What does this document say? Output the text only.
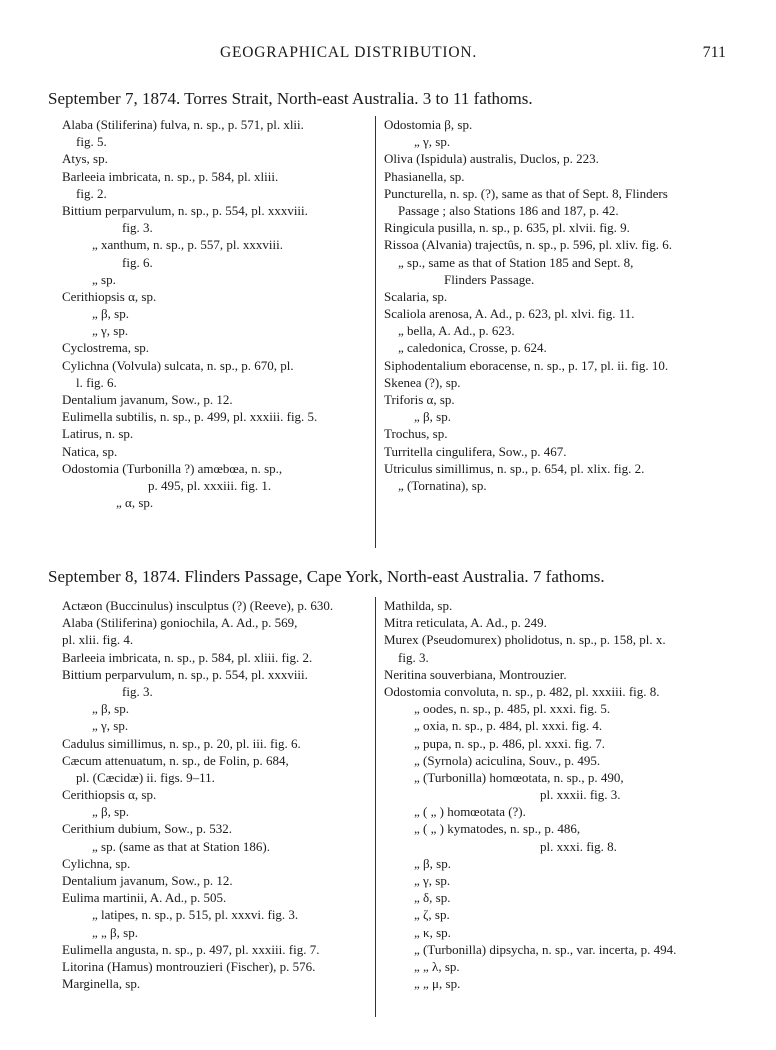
GEOGRAPHICAL DISTRIBUTION.	711
September 7, 1874. Torres Strait, North-east Australia. 3 to 11 fathoms.
Alaba (Stiliferina) fulva, n. sp., p. 571, pl. xlii.
fig. 5.
Atys, sp.
Barleeia imbricata, n. sp., p. 584, pl. xliii.
fig. 2.
Bittium perparvulum, n. sp., p. 554, pl. xxxviii.
fig. 3.
„ xanthum, n. sp., p. 557, pl. xxxviii.
fig. 6.
„ sp.
Cerithiopsis α, sp.
„ β, sp.
„ γ, sp.
Cyclostrema, sp.
Cylichna (Volvula) sulcata, n. sp., p. 670, pl.
l. fig. 6.
Dentalium javanum, Sow., p. 12.
Eulimella subtilis, n. sp., p. 499, pl. xxxiii. fig. 5.
Latirus, n. sp.
Natica, sp.
Odostomia (Turbonilla ?) amœbœa, n. sp.,
p. 495, pl. xxxiii. fig. 1.
„ α, sp.
Odostomia β, sp.
„ γ, sp.
Oliva (Ispidula) australis, Duclos, p. 223.
Phasianella, sp.
Puncturella, n. sp. (?), same as that of Sept. 8, Flinders
Passage ; also Stations 186 and 187, p. 42.
Ringicula pusilla, n. sp., p. 635, pl. xlvii. fig. 9.
Rissoa (Alvania) trajectûs, n. sp., p. 596, pl. xliv. fig. 6.
„ sp., same as that of Station 185 and Sept. 8,
Flinders Passage.
Scalaria, sp.
Scaliola arenosa, A. Ad., p. 623, pl. xlvi. fig. 11.
„ bella, A. Ad., p. 623.
„ caledonica, Crosse, p. 624.
Siphodentalium eboracense, n. sp., p. 17, pl. ii. fig. 10.
Skenea (?), sp.
Triforis α, sp.
„ β, sp.
Trochus, sp.
Turritella cingulifera, Sow., p. 467.
Utriculus simillimus, n. sp., p. 654, pl. xlix. fig. 2.
„ (Tornatina), sp.
September 8, 1874. Flinders Passage, Cape York, North-east Australia. 7 fathoms.
Actæon (Buccinulus) insculptus (?) (Reeve), p. 630.
Alaba (Stiliferina) goniochila, A. Ad., p. 569,
pl. xlii. fig. 4.
Barleeia imbricata, n. sp., p. 584, pl. xliii. fig. 2.
Bittium perparvulum, n. sp., p. 554, pl. xxxviii.
fig. 3.
„ β, sp.
„ γ, sp.
Cadulus simillimus, n. sp., p. 20, pl. iii. fig. 6.
Cæcum attenuatum, n. sp., de Folin, p. 684,
pl. (Cæcidæ) ii. figs. 9–11.
Cerithiopsis α, sp.
„ β, sp.
Cerithium dubium, Sow., p. 532.
„ sp. (same as that at Station 186).
Cylichna, sp.
Dentalium javanum, Sow., p. 12.
Eulima martinii, A. Ad., p. 505.
„ latipes, n. sp., p. 515, pl. xxxvi. fig. 3.
„ „ β, sp.
Eulimella angusta, n. sp., p. 497, pl. xxxiii. fig. 7.
Litorina (Hamus) montrouzieri (Fischer), p. 576.
Marginella, sp.
Mathilda, sp.
Mitra reticulata, A. Ad., p. 249.
Murex (Pseudomurex) pholidotus, n. sp., p. 158, pl. x.
fig. 3.
Neritina souverbiana, Montrouzier.
Odostomia convoluta, n. sp., p. 482, pl. xxxiii. fig. 8.
„ oodes, n. sp., p. 485, pl. xxxi. fig. 5.
„ oxia, n. sp., p. 484, pl. xxxi. fig. 4.
„ pupa, n. sp., p. 486, pl. xxxi. fig. 7.
„ (Syrnola) aciculina, Souv., p. 495.
„ (Turbonilla) homœotata, n. sp., p. 490,
pl. xxxii. fig. 3.
„ ( „ ) homœotata (?).
„ ( „ ) kymatodes, n. sp., p. 486,
pl. xxxi. fig. 8.
„ β, sp.
„ γ, sp.
„ δ, sp.
„ ζ, sp.
„ κ, sp.
„ (Turbonilla) dipsycha, n. sp., var. incerta, p. 494.
„ „ λ, sp.
„ „ μ, sp.
